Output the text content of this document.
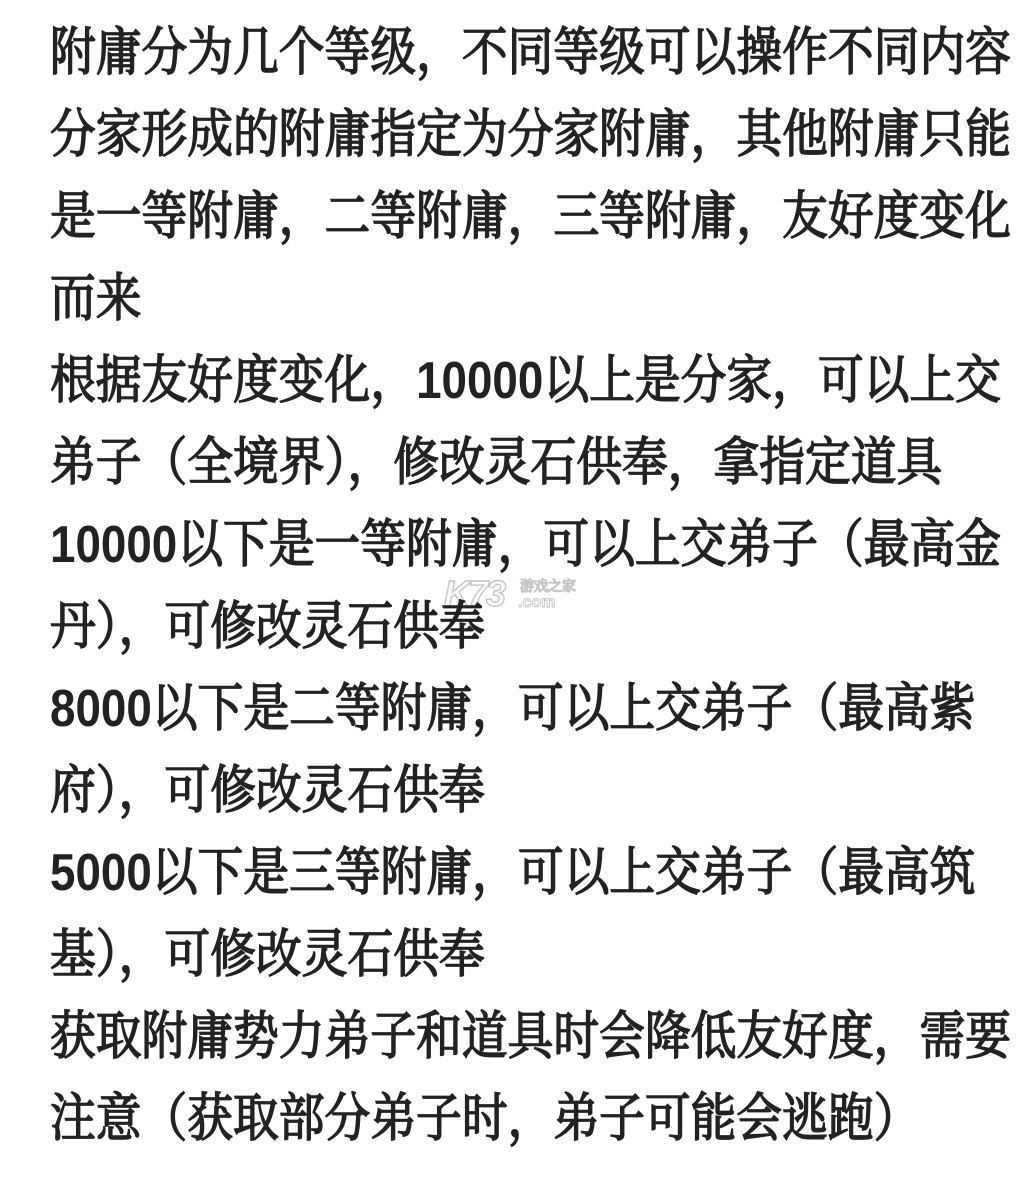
K73 游戏之家
.com
附庸分为几个等级，不同等级可以操作不同内容
分家形成的附庸指定为分家附庸，其他附庸只能
是一等附庸，二等附庸，三等附庸，友好度变化
而来
根据友好度变化，10000以上是分家，可以上交
弟子（全境界），修改灵石供奉，拿指定道具
10000以下是一等附庸，可以上交弟子（最高金
丹），可修改灵石供奉
8000以下是二等附庸，可以上交弟子（最高紫
府），可修改灵石供奉
5000以下是三等附庸，可以上交弟子（最高筑
基），可修改灵石供奉
获取附庸势力弟子和道具时会降低友好度，需要
注意（获取部分弟子时，弟子可能会逃跑）
